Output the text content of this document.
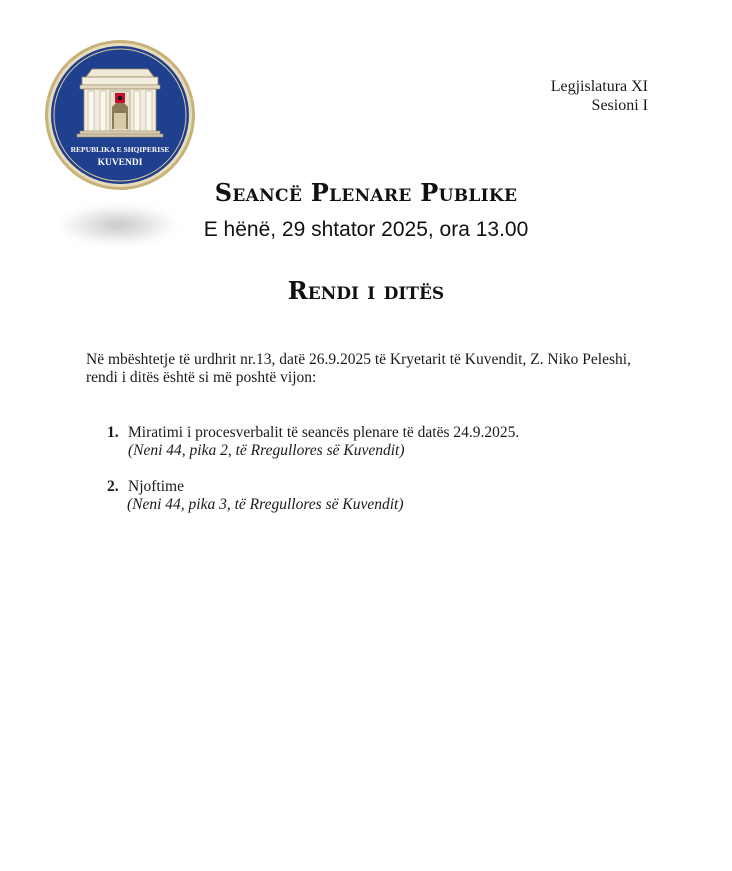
REPUBLIKA E SHQIPERISE
KUVENDI
Legjislatura XI
Sesioni I
Seancë Plenare Publike
E hënë, 29 shtator 2025, ora 13.00
Rendi i ditës
Në mbështetje të urdhrit nr.13, datë 26.9.2025 të Kryetarit të Kuvendit, Z. Niko Peleshi,
rendi i ditës është si më poshtë vijon:
1. Miratimi i procesverbalit të seancës plenare të datës 24.9.2025.
(Neni 44, pika 2, të Rregullores së Kuvendit)
2. Njoftime
(Neni 44, pika 3, të Rregullores së Kuvendit)
